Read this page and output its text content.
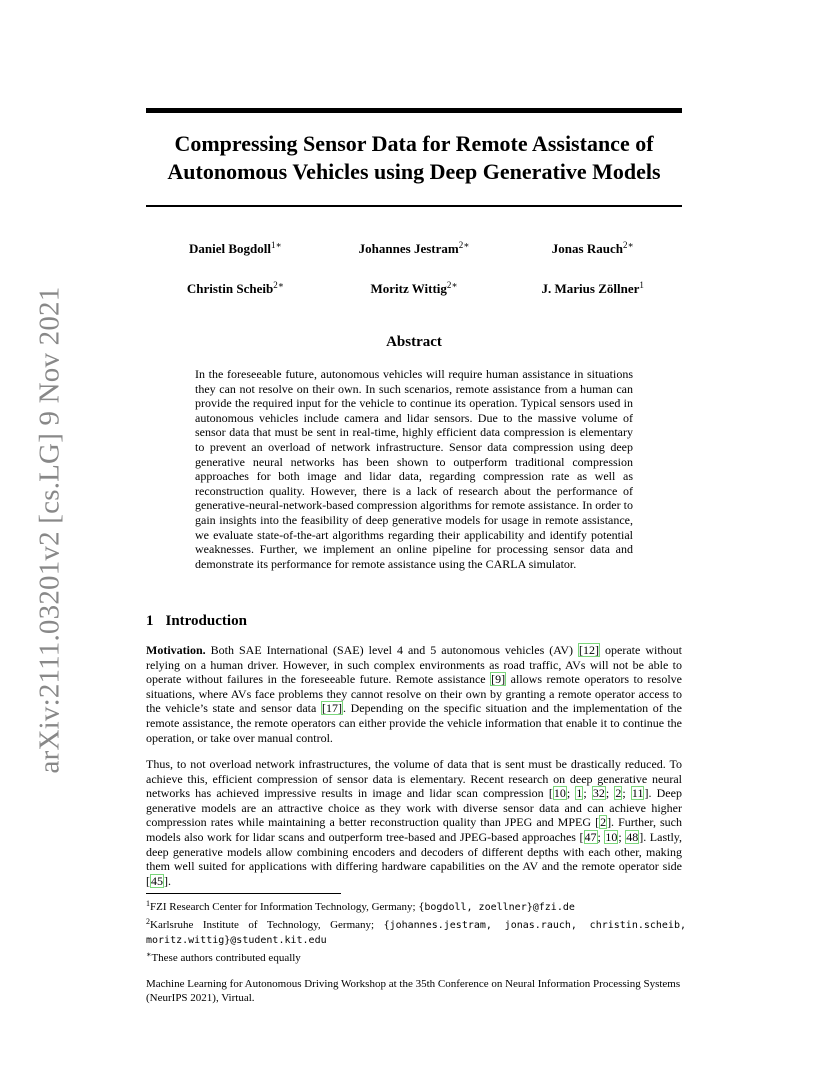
arXiv:2111.03201v2 [cs.LG] 9 Nov 2021
Compressing Sensor Data for Remote Assistance of
Autonomous Vehicles using Deep Generative Models
Daniel Bogdoll$^{1∗}$	Johannes Jestram$^{2∗}$	Jonas Rauch$^{2∗}$
Christin Scheib$^{2∗}$	Moritz Wittig$^{2∗}$	J. Marius Zöllner$^1$
Abstract
In the foreseeable future, autonomous vehicles will require human assistance in situations they can not resolve on their own. In such scenarios, remote assistance from a human can provide the required input for the vehicle to continue its operation. Typical sensors used in autonomous vehicles include camera and lidar sensors. Due to the massive volume of sensor data that must be sent in real-time, highly efficient data compression is elementary to prevent an overload of network infrastructure. Sensor data compression using deep generative neural networks has been shown to outperform traditional compression approaches for both image and lidar data, regarding compression rate as well as reconstruction quality. However, there is a lack of research about the performance of generative-neural-network-based compression algorithms for remote assistance. In order to gain insights into the feasibility of deep generative models for usage in remote assistance, we evaluate state-of-the-art algorithms regarding their applicability and identify potential weaknesses. Further, we implement an online pipeline for processing sensor data and demonstrate its performance for remote assistance using the CARLA simulator.
1 Introduction
Motivation. Both SAE International (SAE) level 4 and 5 autonomous vehicles (AV) [12] operate without relying on a human driver. However, in such complex environments as road traffic, AVs will not be able to operate without failures in the foreseeable future. Remote assistance [9] allows remote operators to resolve situations, where AVs face problems they cannot resolve on their own by granting a remote operator access to the vehicle’s state and sensor data [17]. Depending on the specific situation and the implementation of the remote assistance, the remote operators can either provide the vehicle information that enable it to continue the operation, or take over manual control.
Thus, to not overload network infrastructures, the volume of data that is sent must be drastically reduced. To achieve this, efficient compression of sensor data is elementary. Recent research on deep generative neural networks has achieved impressive results in image and lidar scan compression [10; 1; 32; 2; 11]. Deep generative models are an attractive choice as they work with diverse sensor data and can achieve higher compression rates while maintaining a better reconstruction quality than JPEG and MPEG [2]. Further, such models also work for lidar scans and outperform tree-based and JPEG-based approaches [47; 10; 48]. Lastly, deep generative models allow combining encoders and decoders of different depths with each other, making them well suited for applications with differing hardware capabilities on the AV and the remote operator side [45].
$^1$FZI Research Center for Information Technology, Germany; {bogdoll, zoellner}@fzi.de
$^2$Karlsruhe Institute of Technology, Germany; {johannes.jestram, jonas.rauch, christin.scheib, moritz.wittig}@student.kit.edu
∗These authors contributed equally
Machine Learning for Autonomous Driving Workshop at the 35th Conference on Neural Information Processing Systems (NeurIPS 2021), Virtual.
